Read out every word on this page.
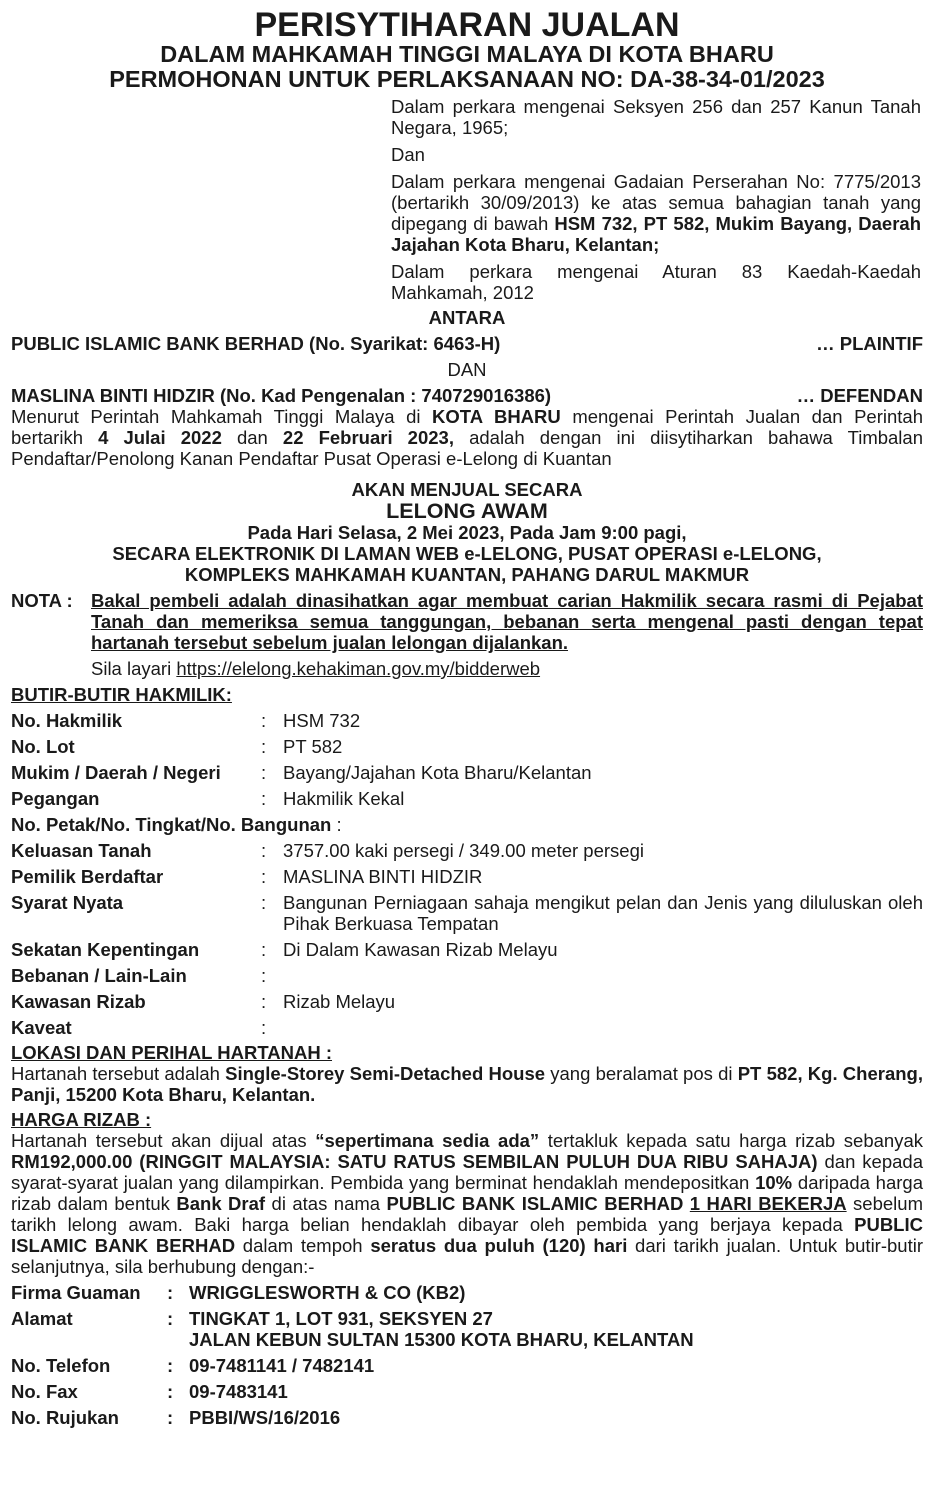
PERISYTIHARAN JUALAN
DALAM MAHKAMAH TINGGI MALAYA DI KOTA BHARU
PERMOHONAN UNTUK PERLAKSANAAN NO: DA-38-34-01/2023

Dalam perkara mengenai Seksyen 256 dan 257 Kanun Tanah Negara, 1965;

Dan

Dalam perkara mengenai Gadaian Perserahan No: 7775/2013 (bertarikh 30/09/2013) ke atas semua bahagian tanah yang dipegang di bawah HSM 732, PT 582, Mukim Bayang, Daerah Jajahan Kota Bharu, Kelantan;

Dalam perkara mengenai Aturan 83 Kaedah-Kaedah Mahkamah, 2012

ANTARA
PUBLIC ISLAMIC BANK BERHAD (No. Syarikat: 6463-H)	… PLAINTIF
DAN
MASLINA BINTI HIDZIR (No. Kad Pengenalan : 740729016386)	… DEFENDAN
Menurut Perintah Mahkamah Tinggi Malaya di KOTA BHARU mengenai Perintah Jualan dan Perintah bertarikh 4 Julai 2022 dan 22 Februari 2023, adalah dengan ini diisytiharkan bahawa Timbalan Pendaftar/Penolong Kanan Pendaftar Pusat Operasi e-Lelong di Kuantan
AKAN MENJUAL SECARA
LELONG AWAM
Pada Hari Selasa, 2 Mei 2023, Pada Jam 9:00 pagi,
SECARA ELEKTRONIK DI LAMAN WEB e-LELONG, PUSAT OPERASI e-LELONG,
KOMPLEKS MAHKAMAH KUANTAN, PAHANG DARUL MAKMUR
NOTA : Bakal pembeli adalah dinasihatkan agar membuat carian Hakmilik secara rasmi di Pejabat Tanah dan memeriksa semua tanggungan, bebanan serta mengenal pasti dengan tepat hartanah tersebut sebelum jualan lelongan dijalankan.
Sila layari https://elelong.kehakiman.gov.my/bidderweb
BUTIR-BUTIR HAKMILIK:
No. Hakmilik	:	HSM 732
No. Lot	:	PT 582
Mukim / Daerah / Negeri	:	Bayang/Jajahan Kota Bharu/Kelantan
Pegangan	:	Hakmilik Kekal
No. Petak/No. Tingkat/No. Bangunan :		
Keluasan Tanah	:	3757.00 kaki persegi / 349.00 meter persegi
Pemilik Berdaftar	:	MASLINA BINTI HIDZIR
Syarat Nyata	:	Bangunan Perniagaan sahaja mengikut pelan dan Jenis yang diluluskan oleh Pihak Berkuasa Tempatan
Sekatan Kepentingan	:	Di Dalam Kawasan Rizab Melayu
Bebanan / Lain-Lain	:	
Kawasan Rizab	:	Rizab Melayu
Kaveat	:	
LOKASI DAN PERIHAL HARTANAH :
Hartanah tersebut adalah Single-Storey Semi-Detached House yang beralamat pos di PT 582, Kg. Cherang, Panji, 15200 Kota Bharu, Kelantan.
HARGA RIZAB :
Hartanah tersebut akan dijual atas “sepertimana sedia ada” tertakluk kepada satu harga rizab sebanyak RM192,000.00 (RINGGIT MALAYSIA: SATU RATUS SEMBILAN PULUH DUA RIBU SAHAJA) dan kepada syarat-syarat jualan yang dilampirkan. Pembida yang berminat hendaklah mendepositkan 10% daripada harga rizab dalam bentuk Bank Draf di atas nama PUBLIC BANK ISLAMIC BERHAD 1 HARI BEKERJA sebelum tarikh lelong awam. Baki harga belian hendaklah dibayar oleh pembida yang berjaya kepada PUBLIC ISLAMIC BANK BERHAD dalam tempoh seratus dua puluh (120) hari dari tarikh jualan. Untuk butir-butir selanjutnya, sila berhubung dengan:-
Firma Guaman	:	WRIGGLESWORTH & CO (KB2)
Alamat	:	TINGKAT 1, LOT 931, SEKSYEN 27
JALAN KEBUN SULTAN 15300 KOTA BHARU, KELANTAN

No. Telefon	:	09-7481141 / 7482141
No. Fax	:	09-7483141
No. Rujukan	:	PBBI/WS/16/2016
